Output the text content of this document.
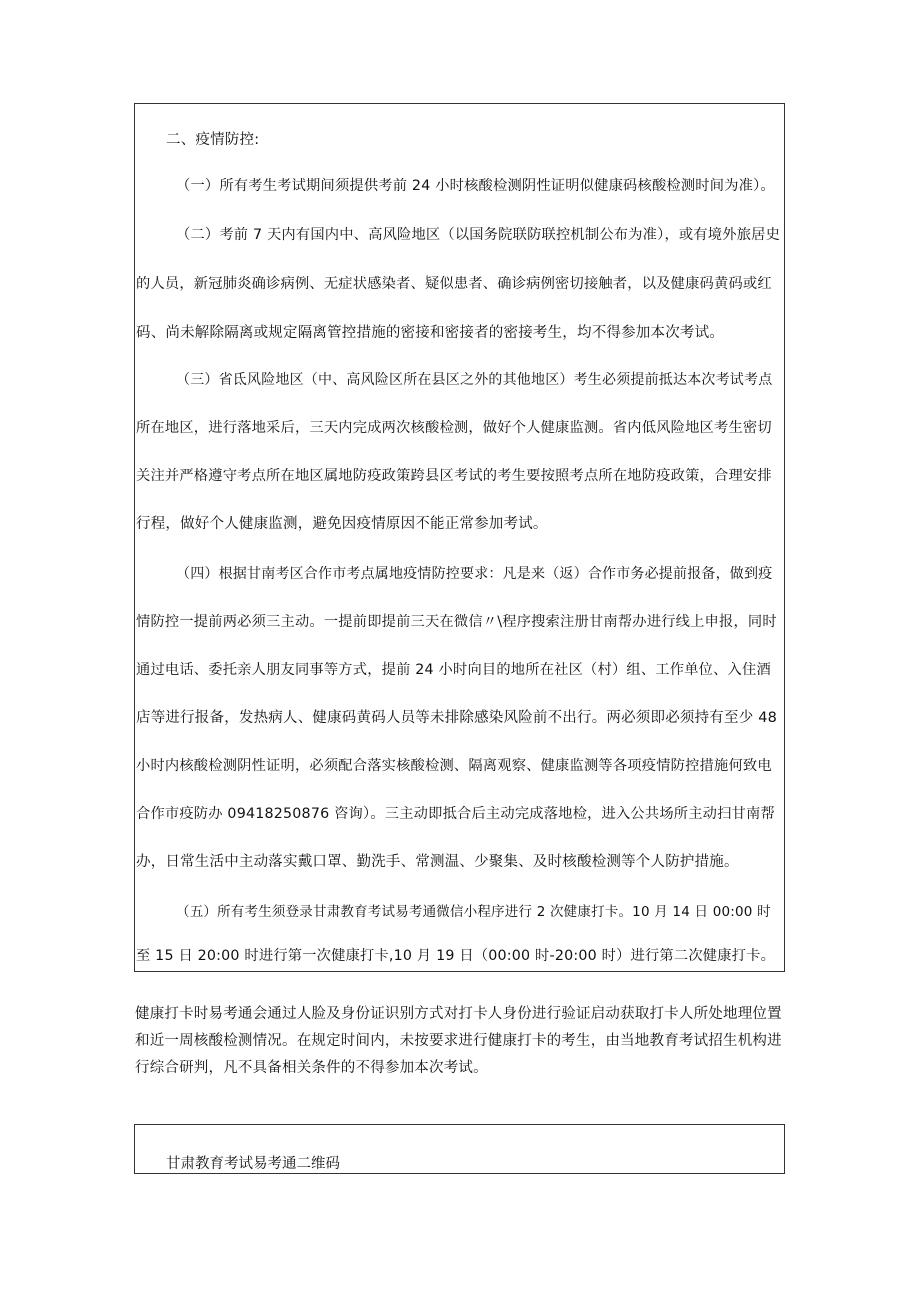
二、疫情防控:
（一）所有考生考试期间须提供考前 24 小时核酸检测阴性证明似健康码核酸检测时间为准）。
（二）考前 7 天内有国内中、高风险地区（以国务院联防联控机制公布为准），或有境外旅居史
的人员，新冠肺炎确诊病例、无症状感染者、疑似患者、确诊病例密切接触者，以及健康码黄码或红
码、尚未解除隔离或规定隔离管控措施的密接和密接者的密接考生，均不得参加本次考试。
（三）省氐风险地区（中、高风险区所在县区之外的其他地区）考生必须提前抵达本次考试考点
所在地区，进行落地采后，三天内完成两次核酸检测，做好个人健康监测。省内低风险地区考生密切
关注并严格遵守考点所在地区属地防疫政策跨县区考试的考生要按照考点所在地防疫政策，合理安排
行程，做好个人健康监测，避免因疫情原因不能正常参加考试。
（四）根据甘南考区合作市考点属地疫情防控要求：凡是来（返）合作市务必提前报备，做到疫
情防控一提前两必须三主动。一提前即提前三天在微信〃\程序搜索注册甘南帮办进行线上申报，同时
通过电话、委托亲人朋友同事等方式，提前 24 小时向目的地所在社区（村）组、工作单位、入住酒
店等进行报备，发热病人、健康码黄码人员等未排除感染风险前不出行。两必须即必须持有至少 48
小时内核酸检测阴性证明，必须配合落实核酸检测、隔离观察、健康监测等各项疫情防控措施何致电
合作市疫防办 09418250876 咨询）。三主动即抵合后主动完成落地检，进入公共场所主动扫甘南帮
办，日常生活中主动落实戴口罩、勤洗手、常测温、少聚集、及时核酸检测等个人防护措施。
（五）所有考生须登录甘肃教育考试易考通微信小程序进行 2 次健康打卡。10 月 14 日 00:00 时
至 15 日 20:00 时进行第一次健康打卡,10 月 19 日（00:00 时-20:00 时）进行第二次健康打卡。
健康打卡时易考通会通过人脸及身份证识别方式对打卡人身份进行验证启动获取打卡人所处地理位置
和近一周核酸检测情况。在规定时间内，未按要求进行健康打卡的考生，由当地教育考试招生机构进
行综合研判，凡不具备相关条件的不得参加本次考试。
甘肃教育考试易考通二维码
